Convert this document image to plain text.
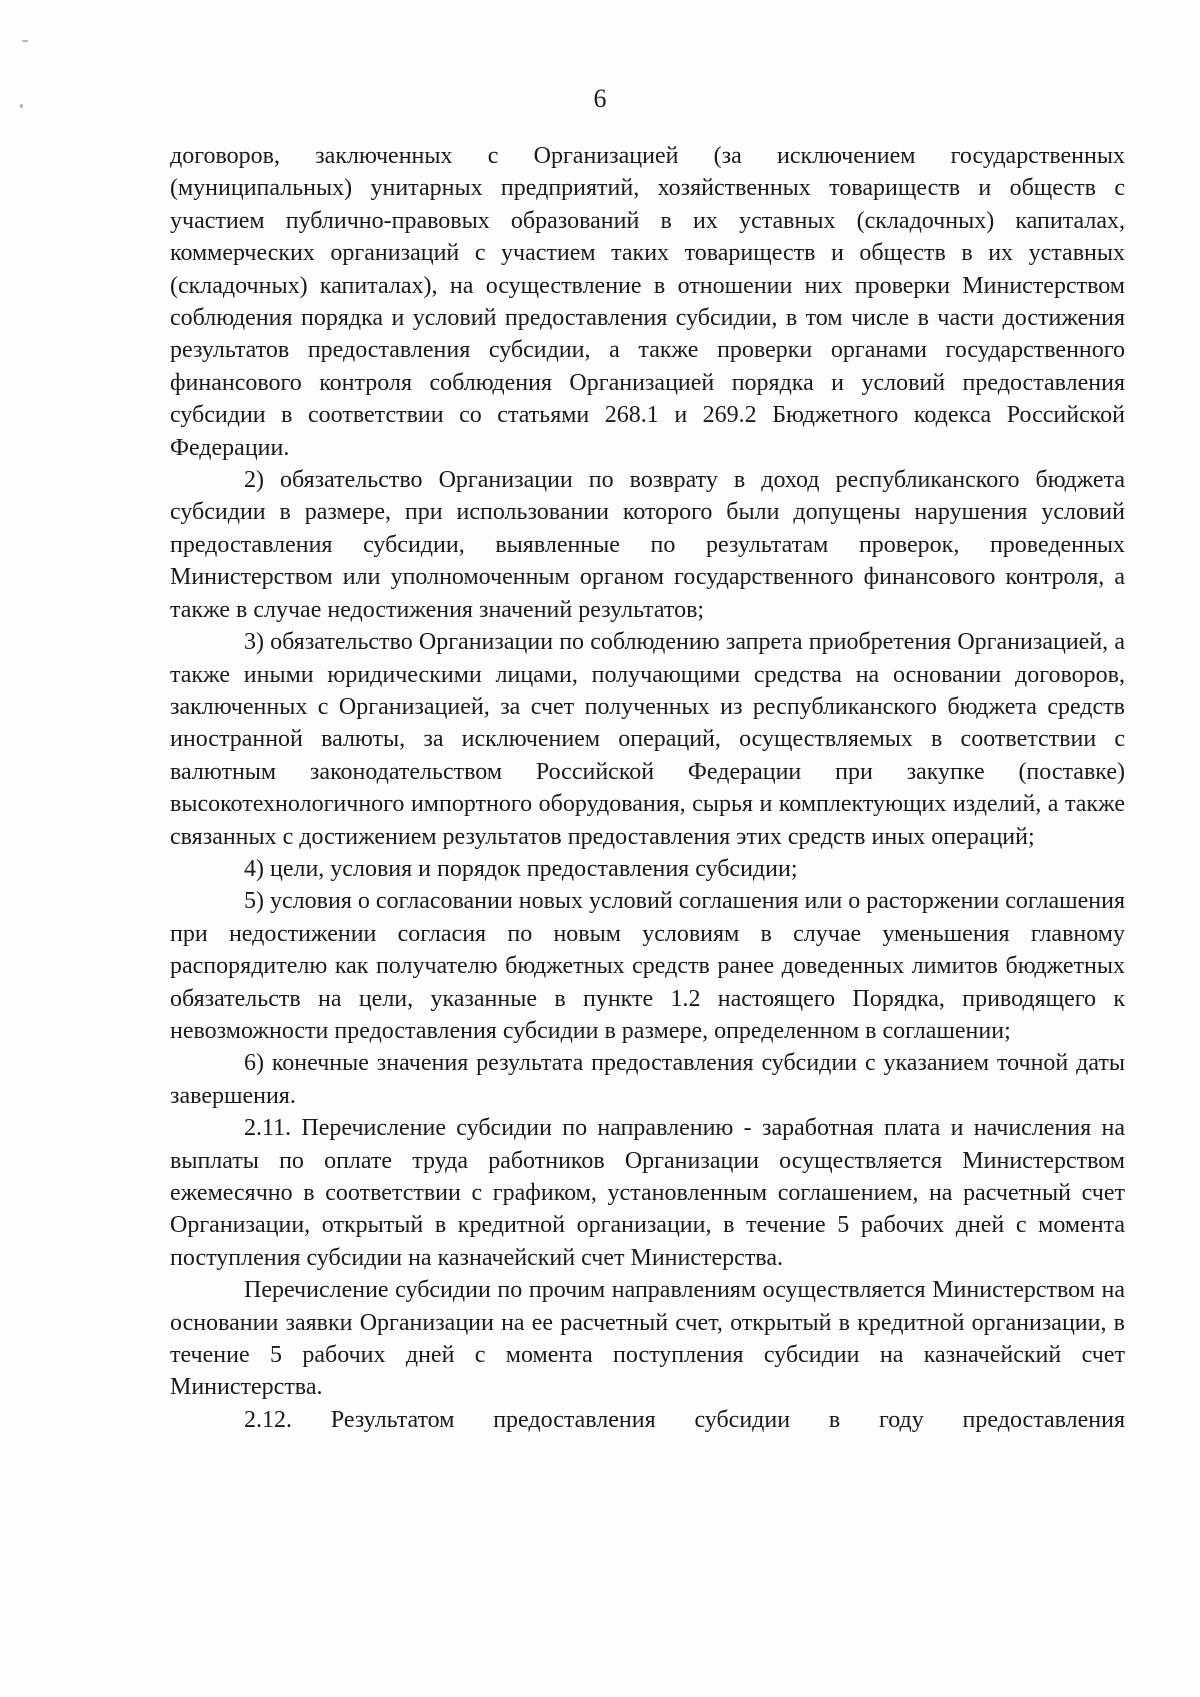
6

договоров, заключенных с Организацией (за исключением государственных (муниципальных) унитарных предприятий, хозяйственных товариществ и обществ с участием публично-правовых образований в их уставных (складочных) капиталах, коммерческих организаций с участием таких товариществ и обществ в их уставных (складочных) капиталах), на осуществление в отношении них проверки Министерством соблюдения порядка и условий предоставления субсидии, в том числе в части достижения результатов предоставления субсидии, а также проверки органами государственного финансового контроля соблюдения Организацией порядка и условий предоставления субсидии в соответствии со статьями 268.1 и 269.2 Бюджетного кодекса Российской Федерации.

2) обязательство Организации по возврату в доход республиканского бюджета субсидии в размере, при использовании которого были допущены нарушения условий предоставления субсидии, выявленные по результатам проверок, проведенных Министерством или уполномоченным органом государственного финансового контроля, а также в случае недостижения значений результатов;

3) обязательство Организации по соблюдению запрета приобретения Организацией, а также иными юридическими лицами, получающими средства на основании договоров, заключенных с Организацией, за счет полученных из республиканского бюджета средств иностранной валюты, за исключением операций, осуществляемых в соответствии с валютным законодательством Российской Федерации при закупке (поставке) высокотехнологичного импортного оборудования, сырья и комплектующих изделий, а также связанных с достижением результатов предоставления этих средств иных операций;

4) цели, условия и порядок предоставления субсидии;

5) условия о согласовании новых условий соглашения или о расторжении соглашения при недостижении согласия по новым условиям в случае уменьшения главному распорядителю как получателю бюджетных средств ранее доведенных лимитов бюджетных обязательств на цели, указанные в пункте 1.2 настоящего Порядка, приводящего к невозможности предоставления субсидии в размере, определенном в соглашении;

6) конечные значения результата предоставления субсидии с указанием точной даты завершения.

2.11. Перечисление субсидии по направлению - заработная плата и начисления на выплаты по оплате труда работников Организации осуществляется Министерством ежемесячно в соответствии с графиком, установленным соглашением, на расчетный счет Организации, открытый в кредитной организации, в течение 5 рабочих дней с момента поступления субсидии на казначейский счет Министерства.

Перечисление субсидии по прочим направлениям осуществляется Министерством на основании заявки Организации на ее расчетный счет, открытый в кредитной организации, в течение 5 рабочих дней с момента поступления субсидии на казначейский счет Министерства.

2.12. Результатом предоставления субсидии в году предоставления
